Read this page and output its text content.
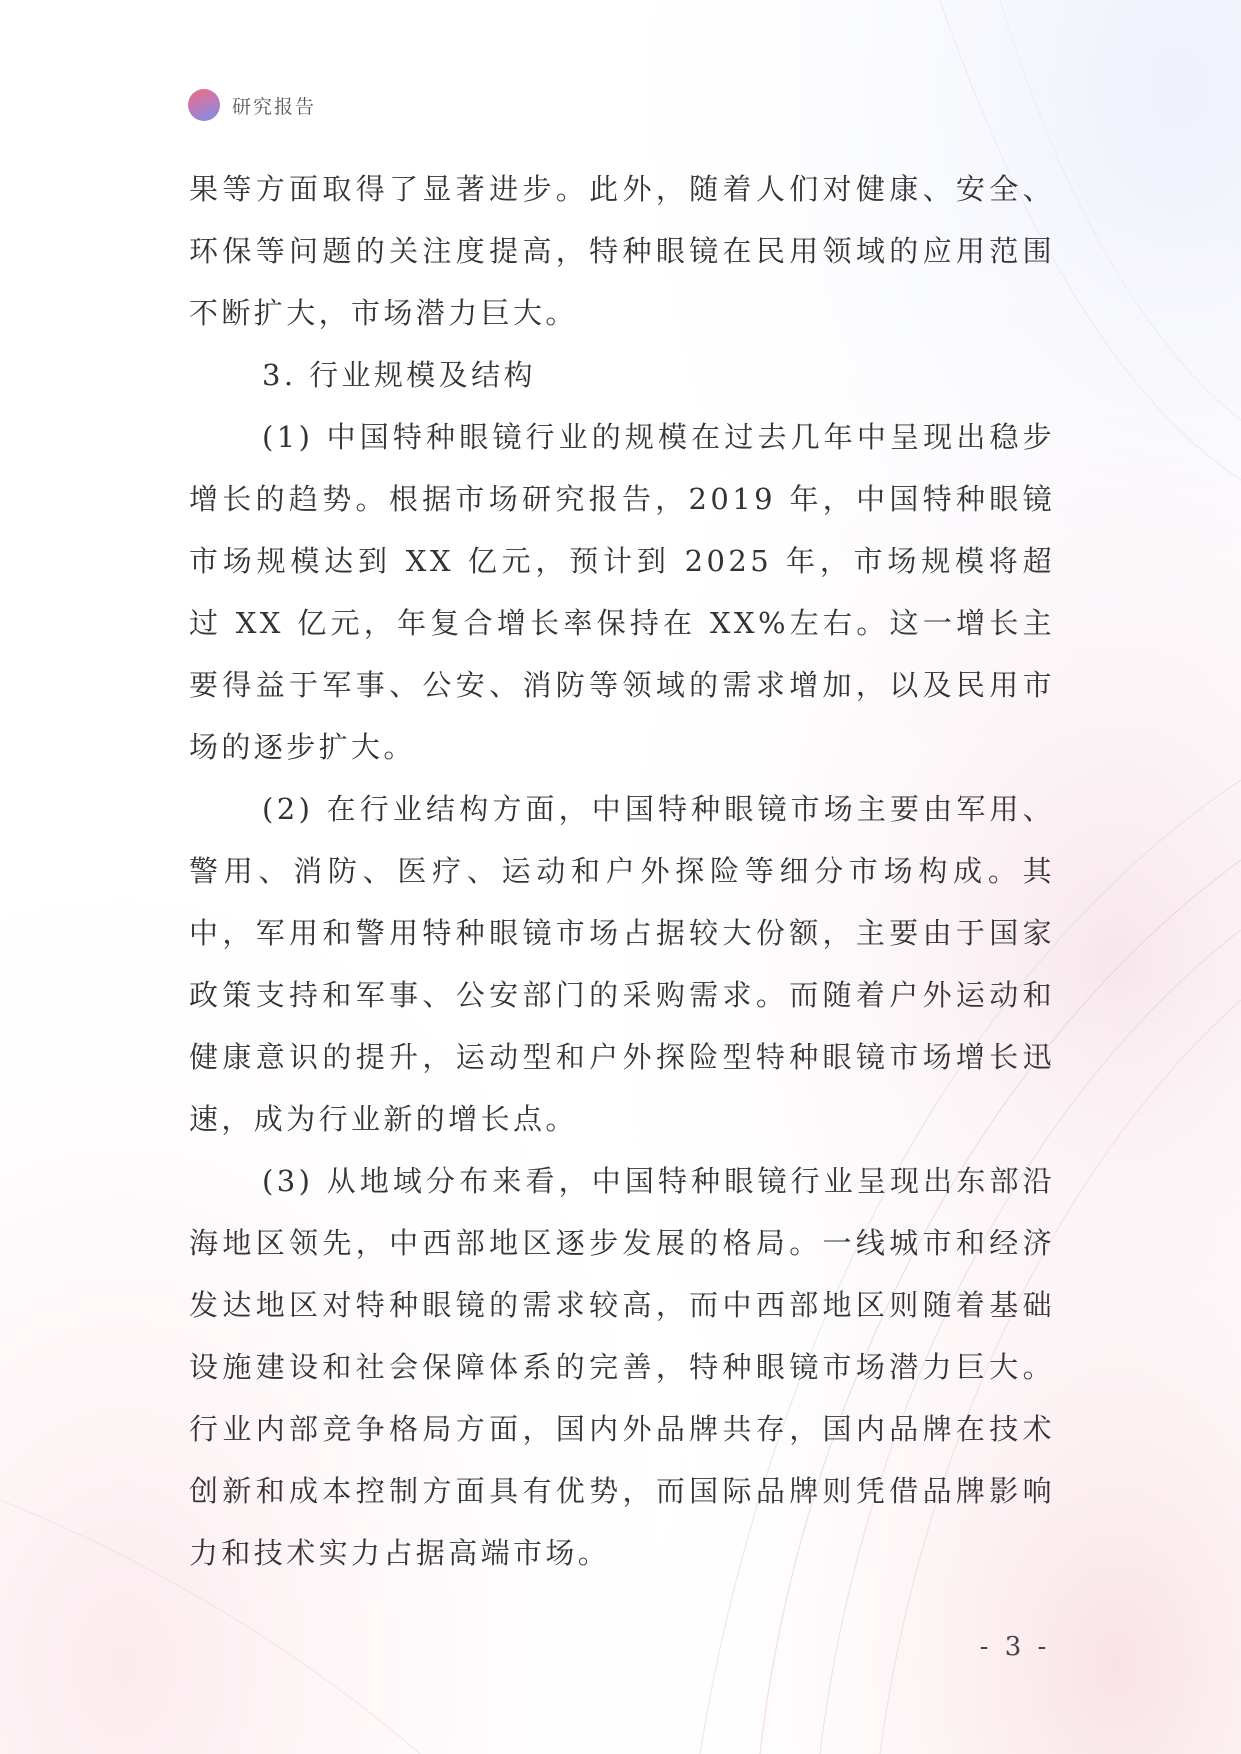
研究报告

果等方面取得了显著进步。此外，随着人们对健康、安全、环保等问题的关注度提高，特种眼镜在民用领域的应用范围不断扩大，市场潜力巨大。

3. 行业规模及结构

(1) 中国特种眼镜行业的规模在过去几年中呈现出稳步增长的趋势。根据市场研究报告，2019 年，中国特种眼镜市场规模达到 XX 亿元，预计到 2025 年，市场规模将超过 XX 亿元，年复合增长率保持在 XX%左右。这一增长主要得益于军事、公安、消防等领域的需求增加，以及民用市场的逐步扩大。

(2) 在行业结构方面，中国特种眼镜市场主要由军用、警用、消防、医疗、运动和户外探险等细分市场构成。其中，军用和警用特种眼镜市场占据较大份额，主要由于国家政策支持和军事、公安部门的采购需求。而随着户外运动和健康意识的提升，运动型和户外探险型特种眼镜市场增长迅速，成为行业新的增长点。

(3) 从地域分布来看，中国特种眼镜行业呈现出东部沿海地区领先，中西部地区逐步发展的格局。一线城市和经济发达地区对特种眼镜的需求较高，而中西部地区则随着基础设施建设和社会保障体系的完善，特种眼镜市场潜力巨大。行业内部竞争格局方面，国内外品牌共存，国内品牌在技术创新和成本控制方面具有优势，而国际品牌则凭借品牌影响力和技术实力占据高端市场。

- 3 -
